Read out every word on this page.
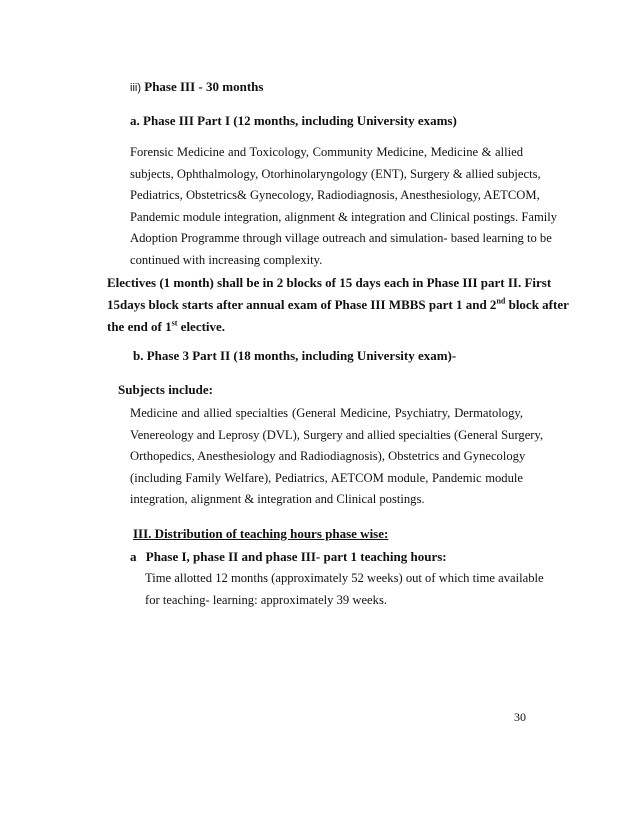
iii) Phase III - 30 months
a. Phase III Part I (12 months, including University exams)
Forensic Medicine and Toxicology, Community Medicine, Medicine & allied
subjects, Ophthalmology, Otorhinolaryngology (ENT), Surgery & allied subjects,
Pediatrics, Obstetrics& Gynecology, Radiodiagnosis, Anesthesiology, AETCOM,
Pandemic module integration, alignment & integration and Clinical postings. Family
Adoption Programme through village outreach and simulation- based learning to be
continued with increasing complexity.
Electives (1 month) shall be in 2 blocks of 15 days each in Phase III part II. First
15days block starts after annual exam of Phase III MBBS part 1 and 2nd block after
the end of 1st elective.
b. Phase 3 Part II (18 months, including University exam)-
Subjects include:
Medicine and allied specialties (General Medicine, Psychiatry, Dermatology,
Venereology and Leprosy (DVL), Surgery and allied specialties (General Surgery,
Orthopedics, Anesthesiology and Radiodiagnosis), Obstetrics and Gynecology
(including Family Welfare), Pediatrics, AETCOM module, Pandemic module
integration, alignment & integration and Clinical postings.
III. Distribution of teaching hours phase wise:
a Phase I, phase II and phase III- part 1 teaching hours:
Time allotted 12 months (approximately 52 weeks) out of which time available
for teaching- learning: approximately 39 weeks.
30
